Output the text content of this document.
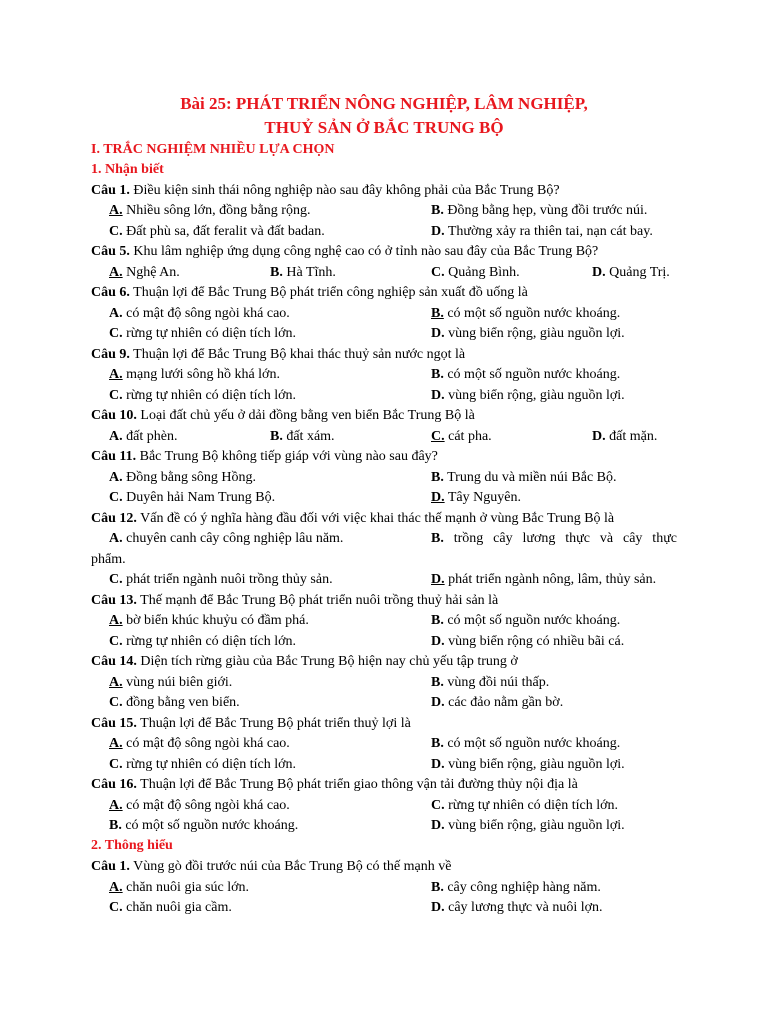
Bài 25: PHÁT TRIỂN NÔNG NGHIỆP, LÂM NGHIỆP,
THUỶ SẢN Ở BẮC TRUNG BỘ
I. TRẮC NGHIỆM NHIỀU LỰA CHỌN
1. Nhận biết
Câu 1. Điều kiện sinh thái nông nghiệp nào sau đây không phải của Bắc Trung Bộ?
A. Nhiều sông lớn, đồng bằng rộng.	B. Đồng bằng hẹp, vùng đồi trước núi.
C. Đất phù sa, đất feralit và đất badan.	D. Thường xảy ra thiên tai, nạn cát bay.
Câu 5. Khu lâm nghiệp ứng dụng công nghệ cao có ở tỉnh nào sau đây của Bắc Trung Bộ?
A. Nghệ An.	B. Hà Tĩnh.	C. Quảng Bình.	D. Quảng Trị.
Câu 6. Thuận lợi để Bắc Trung Bộ phát triển công nghiệp sản xuất đồ uống là
A. có mật độ sông ngòi khá cao.	B. có một số nguồn nước khoáng.
C. rừng tự nhiên có diện tích lớn.	D. vùng biển rộng, giàu nguồn lợi.
Câu 9. Thuận lợi để Bắc Trung Bộ khai thác thuỷ sản nước ngọt là
A. mạng lưới sông hồ khá lớn.	B. có một số nguồn nước khoáng.
C. rừng tự nhiên có diện tích lớn.	D. vùng biển rộng, giàu nguồn lợi.
Câu 10. Loại đất chủ yếu ở dải đồng bằng ven biển Bắc Trung Bộ là
A. đất phèn.	B. đất xám.	C. cát pha.	D. đất mặn.
Câu 11. Bắc Trung Bộ không tiếp giáp với vùng nào sau đây?
A. Đồng bằng sông Hồng.	B. Trung du và miền núi Bắc Bộ.
C. Duyên hải Nam Trung Bộ.	D. Tây Nguyên.
Câu 12. Vấn đề có ý nghĩa hàng đầu đối với việc khai thác thế mạnh ở vùng Bắc Trung Bộ là
A. chuyên canh cây công nghiệp lâu năm.	B. trồng cây lương thực và cây thực
phẩm.
C. phát triển ngành nuôi trồng thủy sản.	D. phát triển ngành nông, lâm, thủy sản.
Câu 13. Thế mạnh để Bắc Trung Bộ phát triển nuôi trồng thuỷ hải sản là
A. bờ biển khúc khuỷu có đầm phá.	B. có một số nguồn nước khoáng.
C. rừng tự nhiên có diện tích lớn.	D. vùng biển rộng có nhiều bãi cá.
Câu 14. Diện tích rừng giàu của Bắc Trung Bộ hiện nay chủ yếu tập trung ở
A. vùng núi biên giới.	B. vùng đồi núi thấp.
C. đồng bằng ven biển.	D. các đảo nằm gần bờ.
Câu 15. Thuận lợi để Bắc Trung Bộ phát triển thuỷ lợi là
A. có mật độ sông ngòi khá cao.	B. có một số nguồn nước khoáng.
C. rừng tự nhiên có diện tích lớn.	D. vùng biển rộng, giàu nguồn lợi.
Câu 16. Thuận lợi để Bắc Trung Bộ phát triển giao thông vận tải đường thủy nội địa là
A. có mật độ sông ngòi khá cao.	C. rừng tự nhiên có diện tích lớn.
B. có một số nguồn nước khoáng.	D. vùng biển rộng, giàu nguồn lợi.
2. Thông hiểu
Câu 1. Vùng gò đồi trước núi của Bắc Trung Bộ có thế mạnh về
A. chăn nuôi gia súc lớn.	B. cây công nghiệp hàng năm.
C. chăn nuôi gia cầm.	D. cây lương thực và nuôi lợn.
